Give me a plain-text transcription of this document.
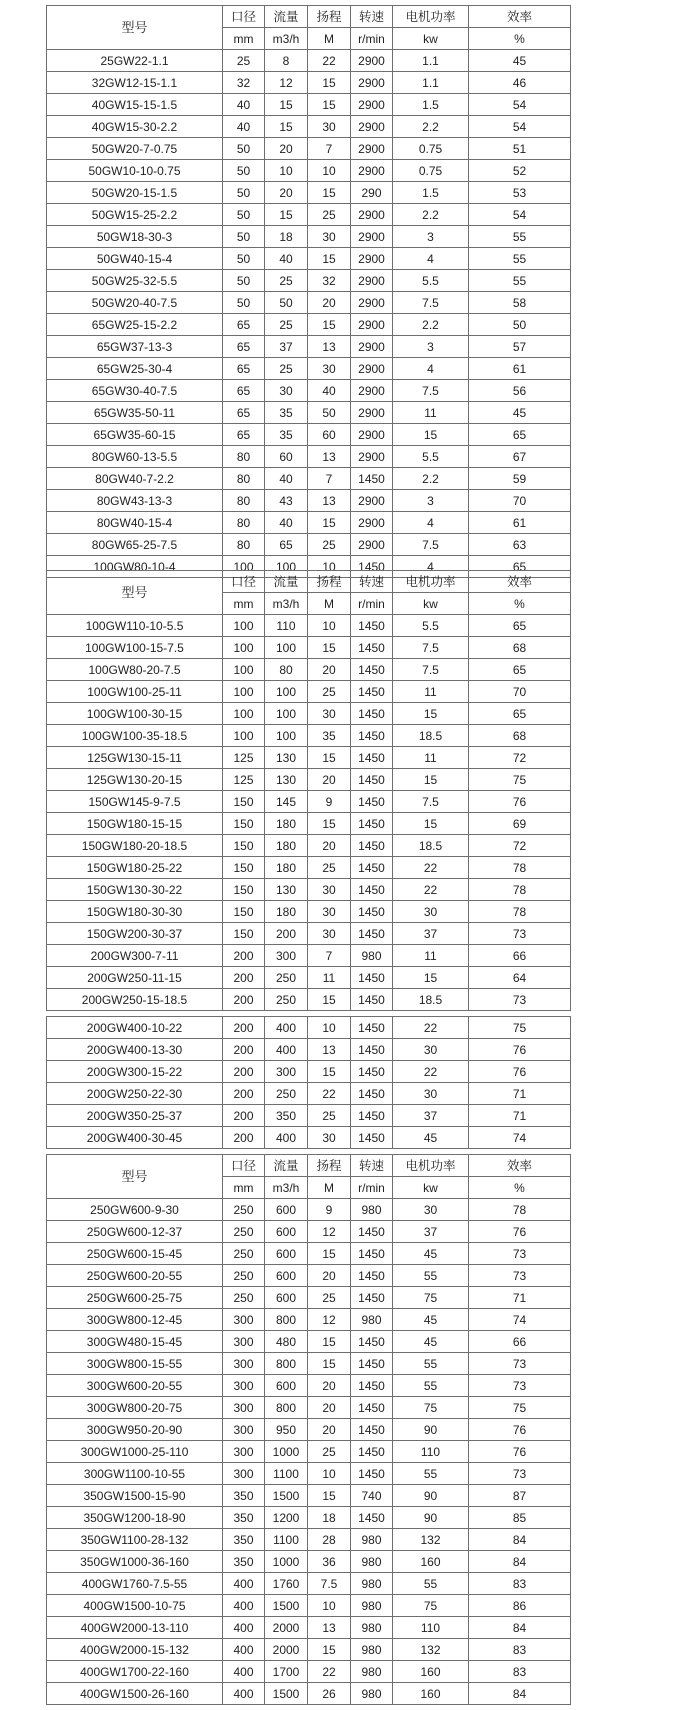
型号	口径	流量	扬程	转速	电机功率	效率
	mm	m3/h	M	r/min	kw	%
25GW22-1.1	25	8	22	2900	1.1	45
32GW12-15-1.1	32	12	15	2900	1.1	46
40GW15-15-1.5	40	15	15	2900	1.5	54
40GW15-30-2.2	40	15	30	2900	2.2	54
50GW20-7-0.75	50	20	7	2900	0.75	51
50GW10-10-0.75	50	10	10	2900	0.75	52
50GW20-15-1.5	50	20	15	290	1.5	53
50GW15-25-2.2	50	15	25	2900	2.2	54
50GW18-30-3	50	18	30	2900	3	55
50GW40-15-4	50	40	15	2900	4	55
50GW25-32-5.5	50	25	32	2900	5.5	55
50GW20-40-7.5	50	50	20	2900	7.5	58
65GW25-15-2.2	65	25	15	2900	2.2	50
65GW37-13-3	65	37	13	2900	3	57
65GW25-30-4	65	25	30	2900	4	61
65GW30-40-7.5	65	30	40	2900	7.5	56
65GW35-50-11	65	35	50	2900	11	45
65GW35-60-15	65	35	60	2900	15	65
80GW60-13-5.5	80	60	13	2900	5.5	67
80GW40-7-2.2	80	40	7	1450	2.2	59
80GW43-13-3	80	43	13	2900	3	70
80GW40-15-4	80	40	15	2900	4	61
80GW65-25-7.5	80	65	25	2900	7.5	63
100GW80-10-4	100	100	10	1450	4	65
型号	口径	流量	扬程	转速	电机功率	效率
	mm	m3/h	M	r/min	kw	%
100GW110-10-5.5	100	110	10	1450	5.5	65
100GW100-15-7.5	100	100	15	1450	7.5	68
100GW80-20-7.5	100	80	20	1450	7.5	65
100GW100-25-11	100	100	25	1450	11	70
100GW100-30-15	100	100	30	1450	15	65
100GW100-35-18.5	100	100	35	1450	18.5	68
125GW130-15-11	125	130	15	1450	11	72
125GW130-20-15	125	130	20	1450	15	75
150GW145-9-7.5	150	145	9	1450	7.5	76
150GW180-15-15	150	180	15	1450	15	69
150GW180-20-18.5	150	180	20	1450	18.5	72
150GW180-25-22	150	180	25	1450	22	78
150GW130-30-22	150	130	30	1450	22	78
150GW180-30-30	150	180	30	1450	30	78
150GW200-30-37	150	200	30	1450	37	73
200GW300-7-11	200	300	7	980	11	66
200GW250-11-15	200	250	11	1450	15	64
200GW250-15-18.5	200	250	15	1450	18.5	73
200GW400-10-22	200	400	10	1450	22	75
200GW400-13-30	200	400	13	1450	30	76
200GW300-15-22	200	300	15	1450	22	76
200GW250-22-30	200	250	22	1450	30	71
200GW350-25-37	200	350	25	1450	37	71
200GW400-30-45	200	400	30	1450	45	74
型号	口径	流量	扬程	转速	电机功率	效率
	mm	m3/h	M	r/min	kw	%
250GW600-9-30	250	600	9	980	30	78
250GW600-12-37	250	600	12	1450	37	76
250GW600-15-45	250	600	15	1450	45	73
250GW600-20-55	250	600	20	1450	55	73
250GW600-25-75	250	600	25	1450	75	71
300GW800-12-45	300	800	12	980	45	74
300GW480-15-45	300	480	15	1450	45	66
300GW800-15-55	300	800	15	1450	55	73
300GW600-20-55	300	600	20	1450	55	73
300GW800-20-75	300	800	20	1450	75	75
300GW950-20-90	300	950	20	1450	90	76
300GW1000-25-110	300	1000	25	1450	110	76
300GW1100-10-55	300	1100	10	1450	55	73
350GW1500-15-90	350	1500	15	740	90	87
350GW1200-18-90	350	1200	18	1450	90	85
350GW1100-28-132	350	1100	28	980	132	84
350GW1000-36-160	350	1000	36	980	160	84
400GW1760-7.5-55	400	1760	7.5	980	55	83
400GW1500-10-75	400	1500	10	980	75	86
400GW2000-13-110	400	2000	13	980	110	84
400GW2000-15-132	400	2000	15	980	132	83
400GW1700-22-160	400	1700	22	980	160	83
400GW1500-26-160	400	1500	26	980	160	84
